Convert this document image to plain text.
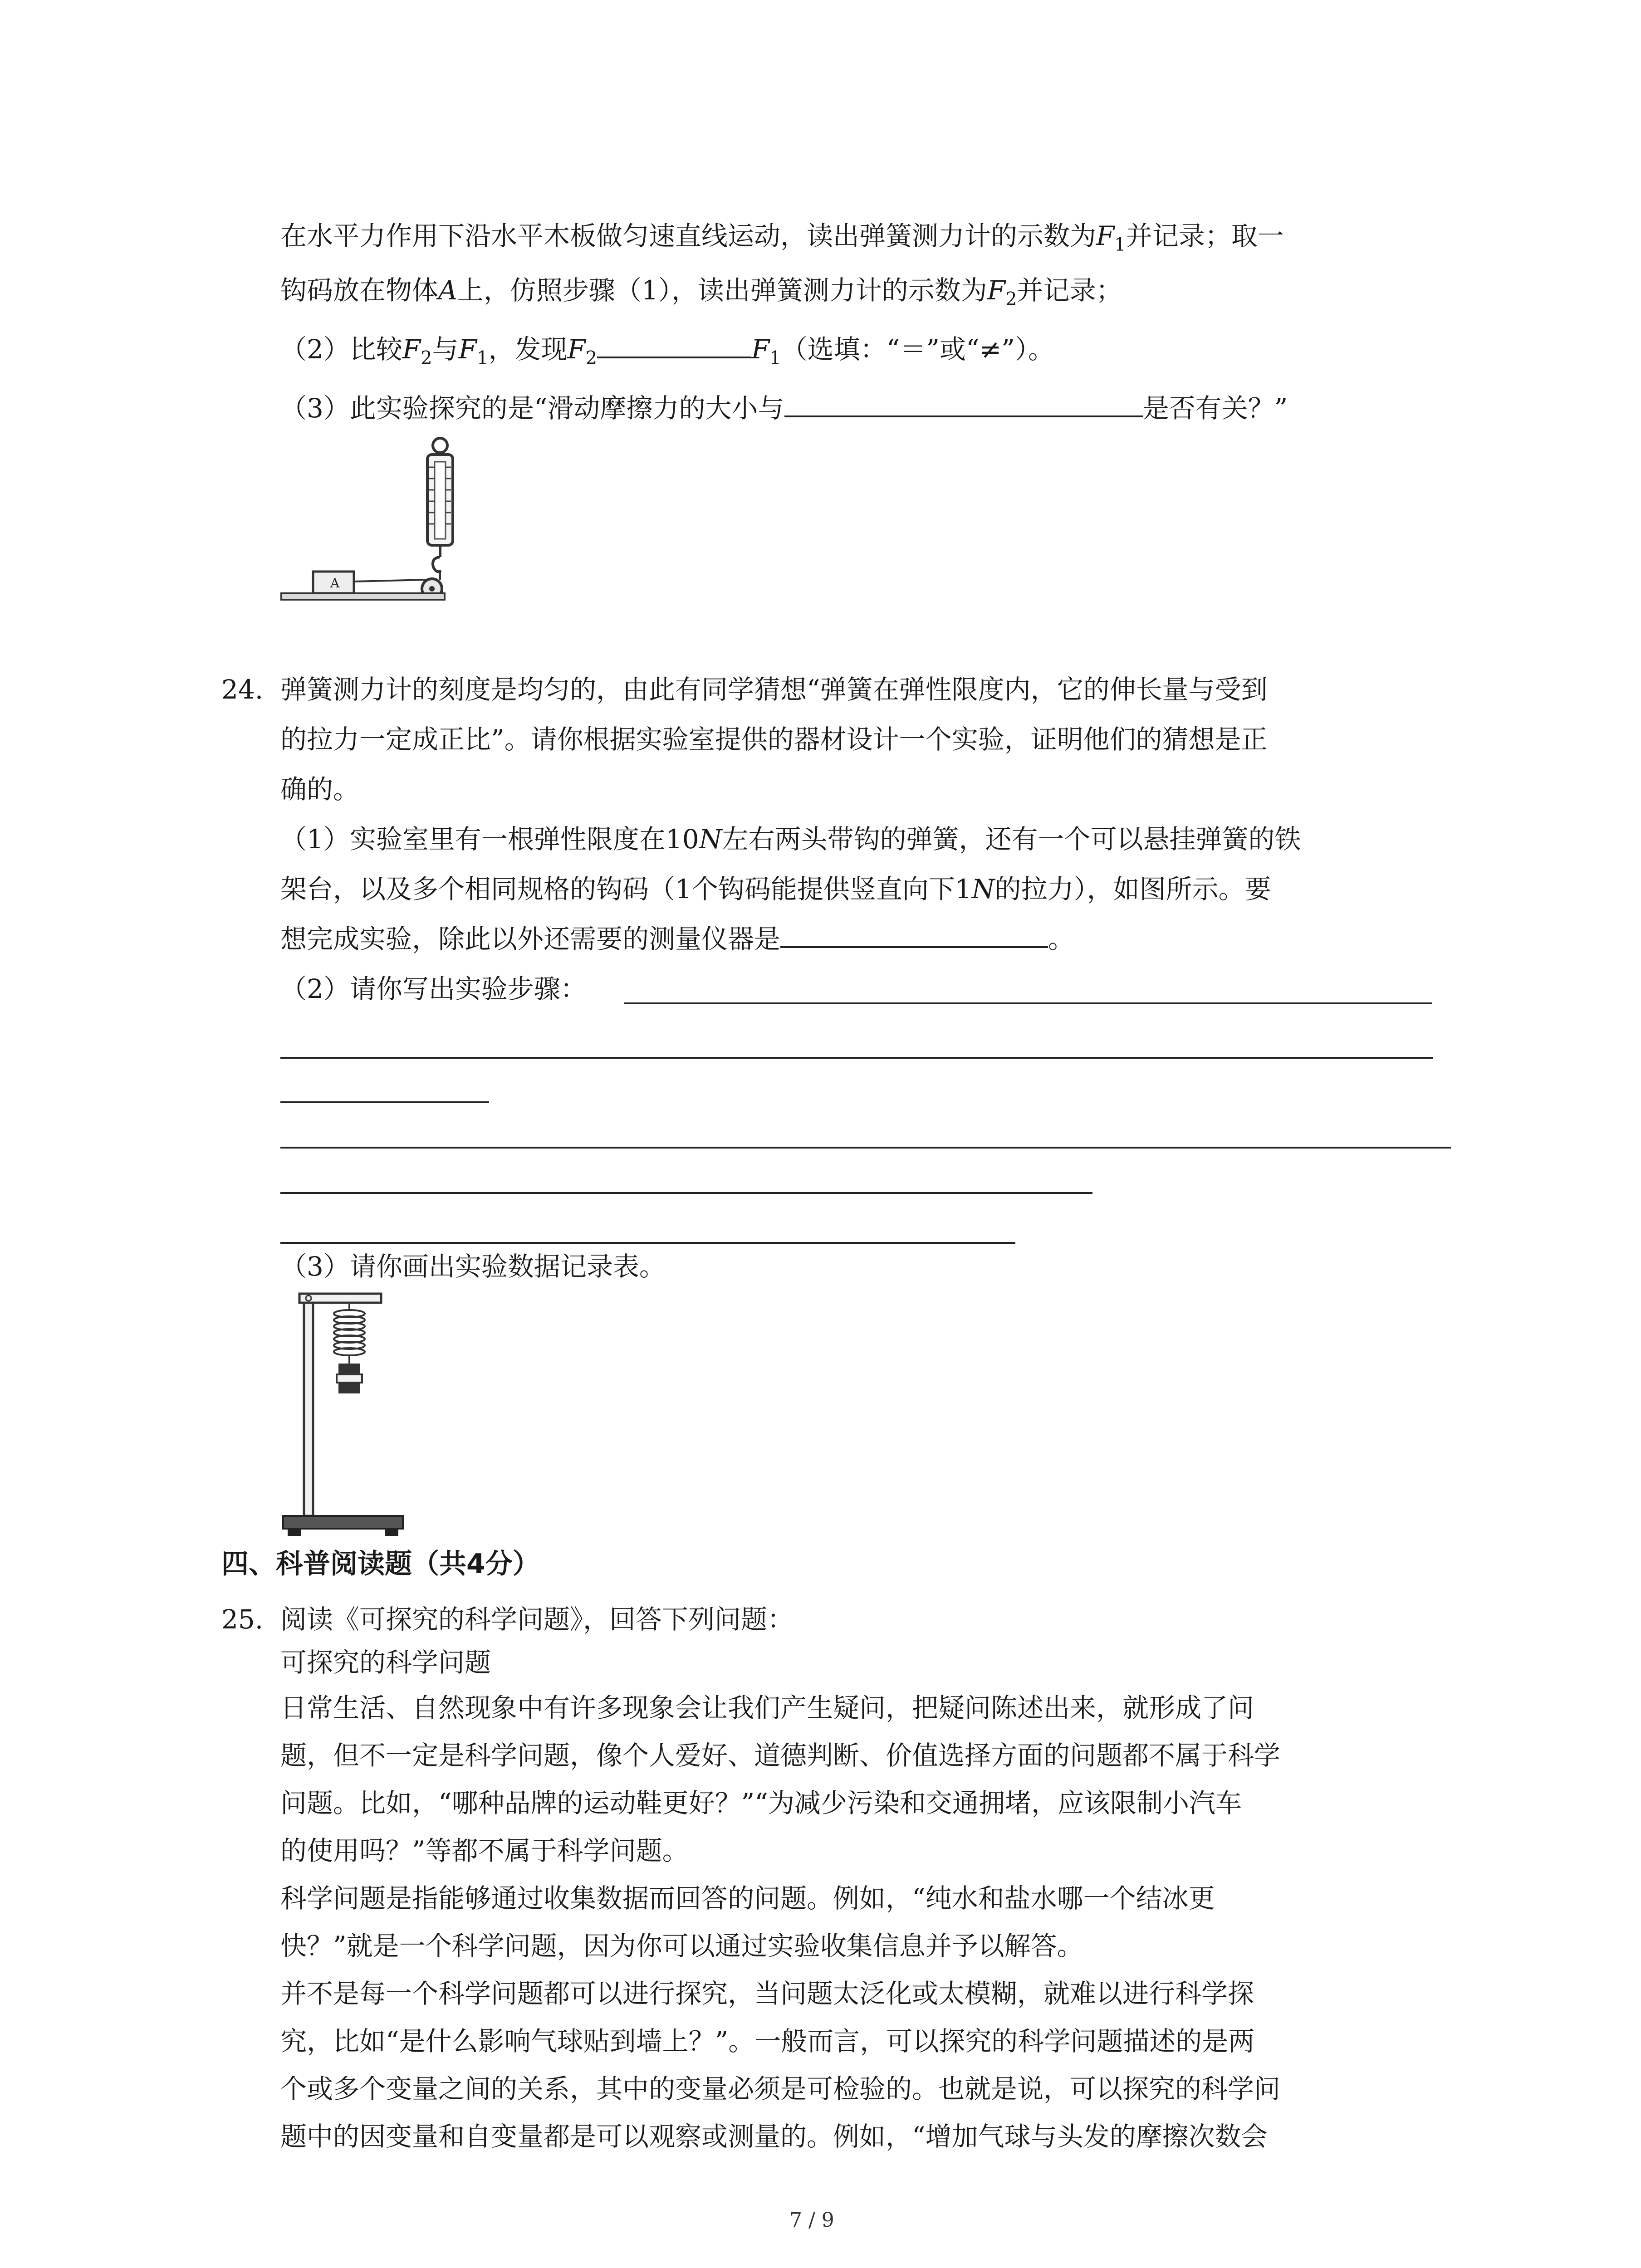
在水平力作用下沿水平木板做匀速直线运动，读出弹簧测力计的示数为$F_1$并记录；取一
钩码放在物体A上，仿照步骤（1），读出弹簧测力计的示数为$F_2$并记录；
（2）比较$F_2$与$F_1$，发现$F_2$	$F_1$（选填：“＝”或“≠”）。
（3）此实验探究的是“滑动摩擦力的大小与	是否有关？”
A
24. 弹簧测力计的刻度是均匀的，由此有同学猜想“弹簧在弹性限度内，它的伸长量与受到
的拉力一定成正比”。请你根据实验室提供的器材设计一个实验，证明他们的猜想是正
确的。
（1）实验室里有一根弹性限度在10N左右两头带钩的弹簧，还有一个可以悬挂弹簧的铁
架台，以及多个相同规格的钩码（1个钩码能提供竖直向下1N的拉力），如图所示。要
想完成实验，除此以外还需要的测量仪器是	。
（2）请你写出实验步骤：
（3）请你画出实验数据记录表。
四、科普阅读题（共4分）
25. 阅读《可探究的科学问题》，回答下列问题：
可探究的科学问题
日常生活、自然现象中有许多现象会让我们产生疑问，把疑问陈述出来，就形成了问
题，但不一定是科学问题，像个人爱好、道德判断、价值选择方面的问题都不属于科学
问题。比如，“哪种品牌的运动鞋更好？”“为减少污染和交通拥堵，应该限制小汽车
的使用吗？”等都不属于科学问题。
科学问题是指能够通过收集数据而回答的问题。例如，“纯水和盐水哪一个结冰更
快？”就是一个科学问题，因为你可以通过实验收集信息并予以解答。
并不是每一个科学问题都可以进行探究，当问题太泛化或太模糊，就难以进行科学探
究，比如“是什么影响气球贴到墙上？”。一般而言，可以探究的科学问题描述的是两
个或多个变量之间的关系，其中的变量必须是可检验的。也就是说，可以探究的科学问
题中的因变量和自变量都是可以观察或测量的。例如，“增加气球与头发的摩擦次数会
7 / 9
